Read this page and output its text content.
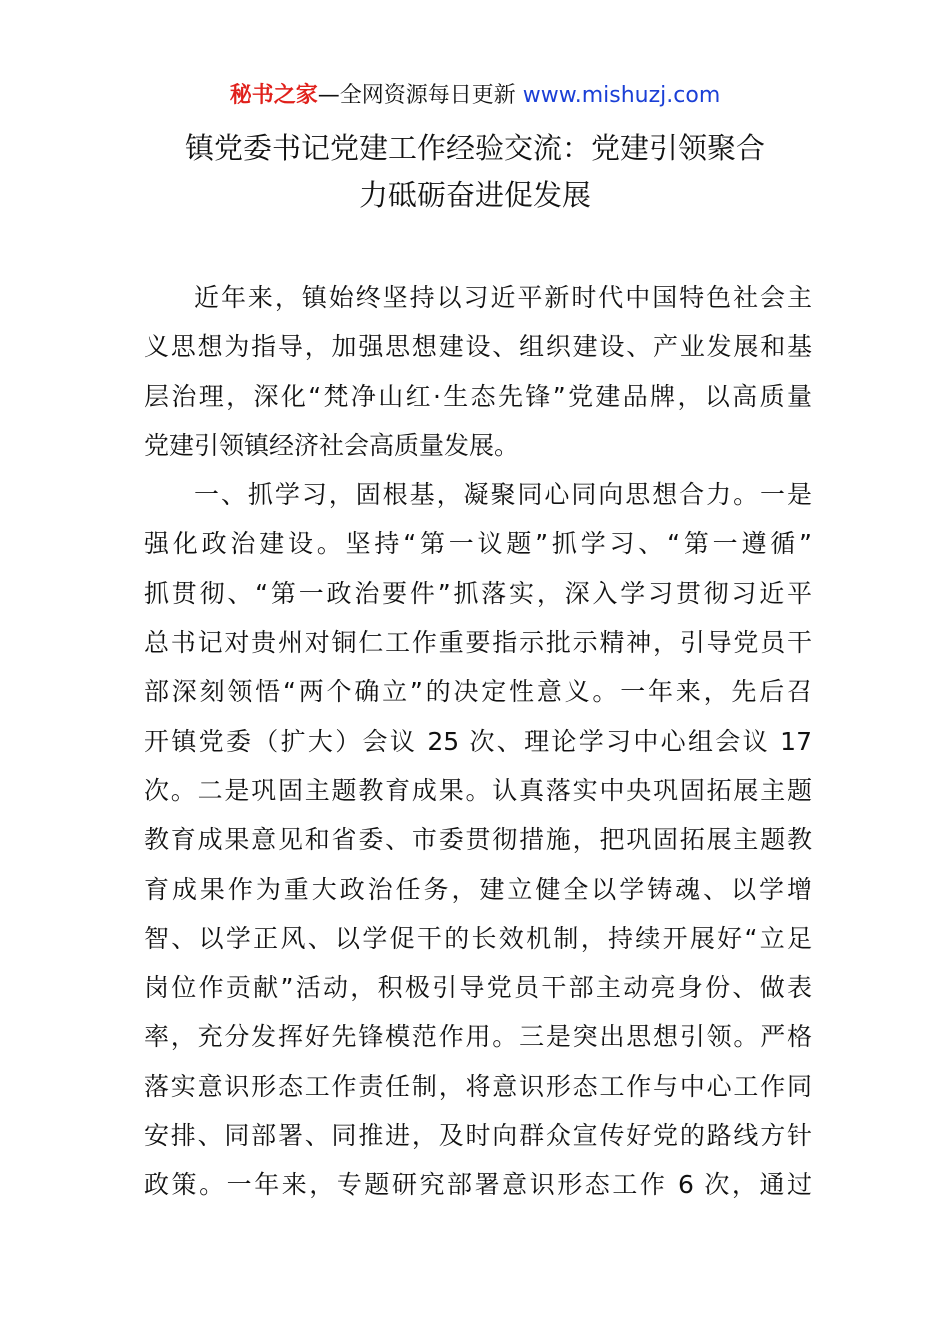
秘书之家—全网资源每日更新 www.mishuzj.com
镇党委书记党建工作经验交流：党建引领聚合
力砥砺奋进促发展
近年来，镇始终坚持以习近平新时代中国特色社会主
义思想为指导，加强思想建设、组织建设、产业发展和基
层治理，深化“梵净山红·生态先锋”党建品牌，以高质量
党建引领镇经济社会高质量发展。
一、抓学习，固根基，凝聚同心同向思想合力。一是
强化政治建设。坚持“第一议题”抓学习、“第一遵循”
抓贯彻、“第一政治要件”抓落实，深入学习贯彻习近平
总书记对贵州对铜仁工作重要指示批示精神，引导党员干
部深刻领悟“两个确立”的决定性意义。一年来，先后召
开镇党委（扩大）会议 25 次、理论学习中心组会议 17
次。二是巩固主题教育成果。认真落实中央巩固拓展主题
教育成果意见和省委、市委贯彻措施，把巩固拓展主题教
育成果作为重大政治任务，建立健全以学铸魂、以学增
智、以学正风、以学促干的长效机制，持续开展好“立足
岗位作贡献”活动，积极引导党员干部主动亮身份、做表
率，充分发挥好先锋模范作用。三是突出思想引领。严格
落实意识形态工作责任制，将意识形态工作与中心工作同
安排、同部署、同推进，及时向群众宣传好党的路线方针
政策。一年来，专题研究部署意识形态工作 6 次，通过
